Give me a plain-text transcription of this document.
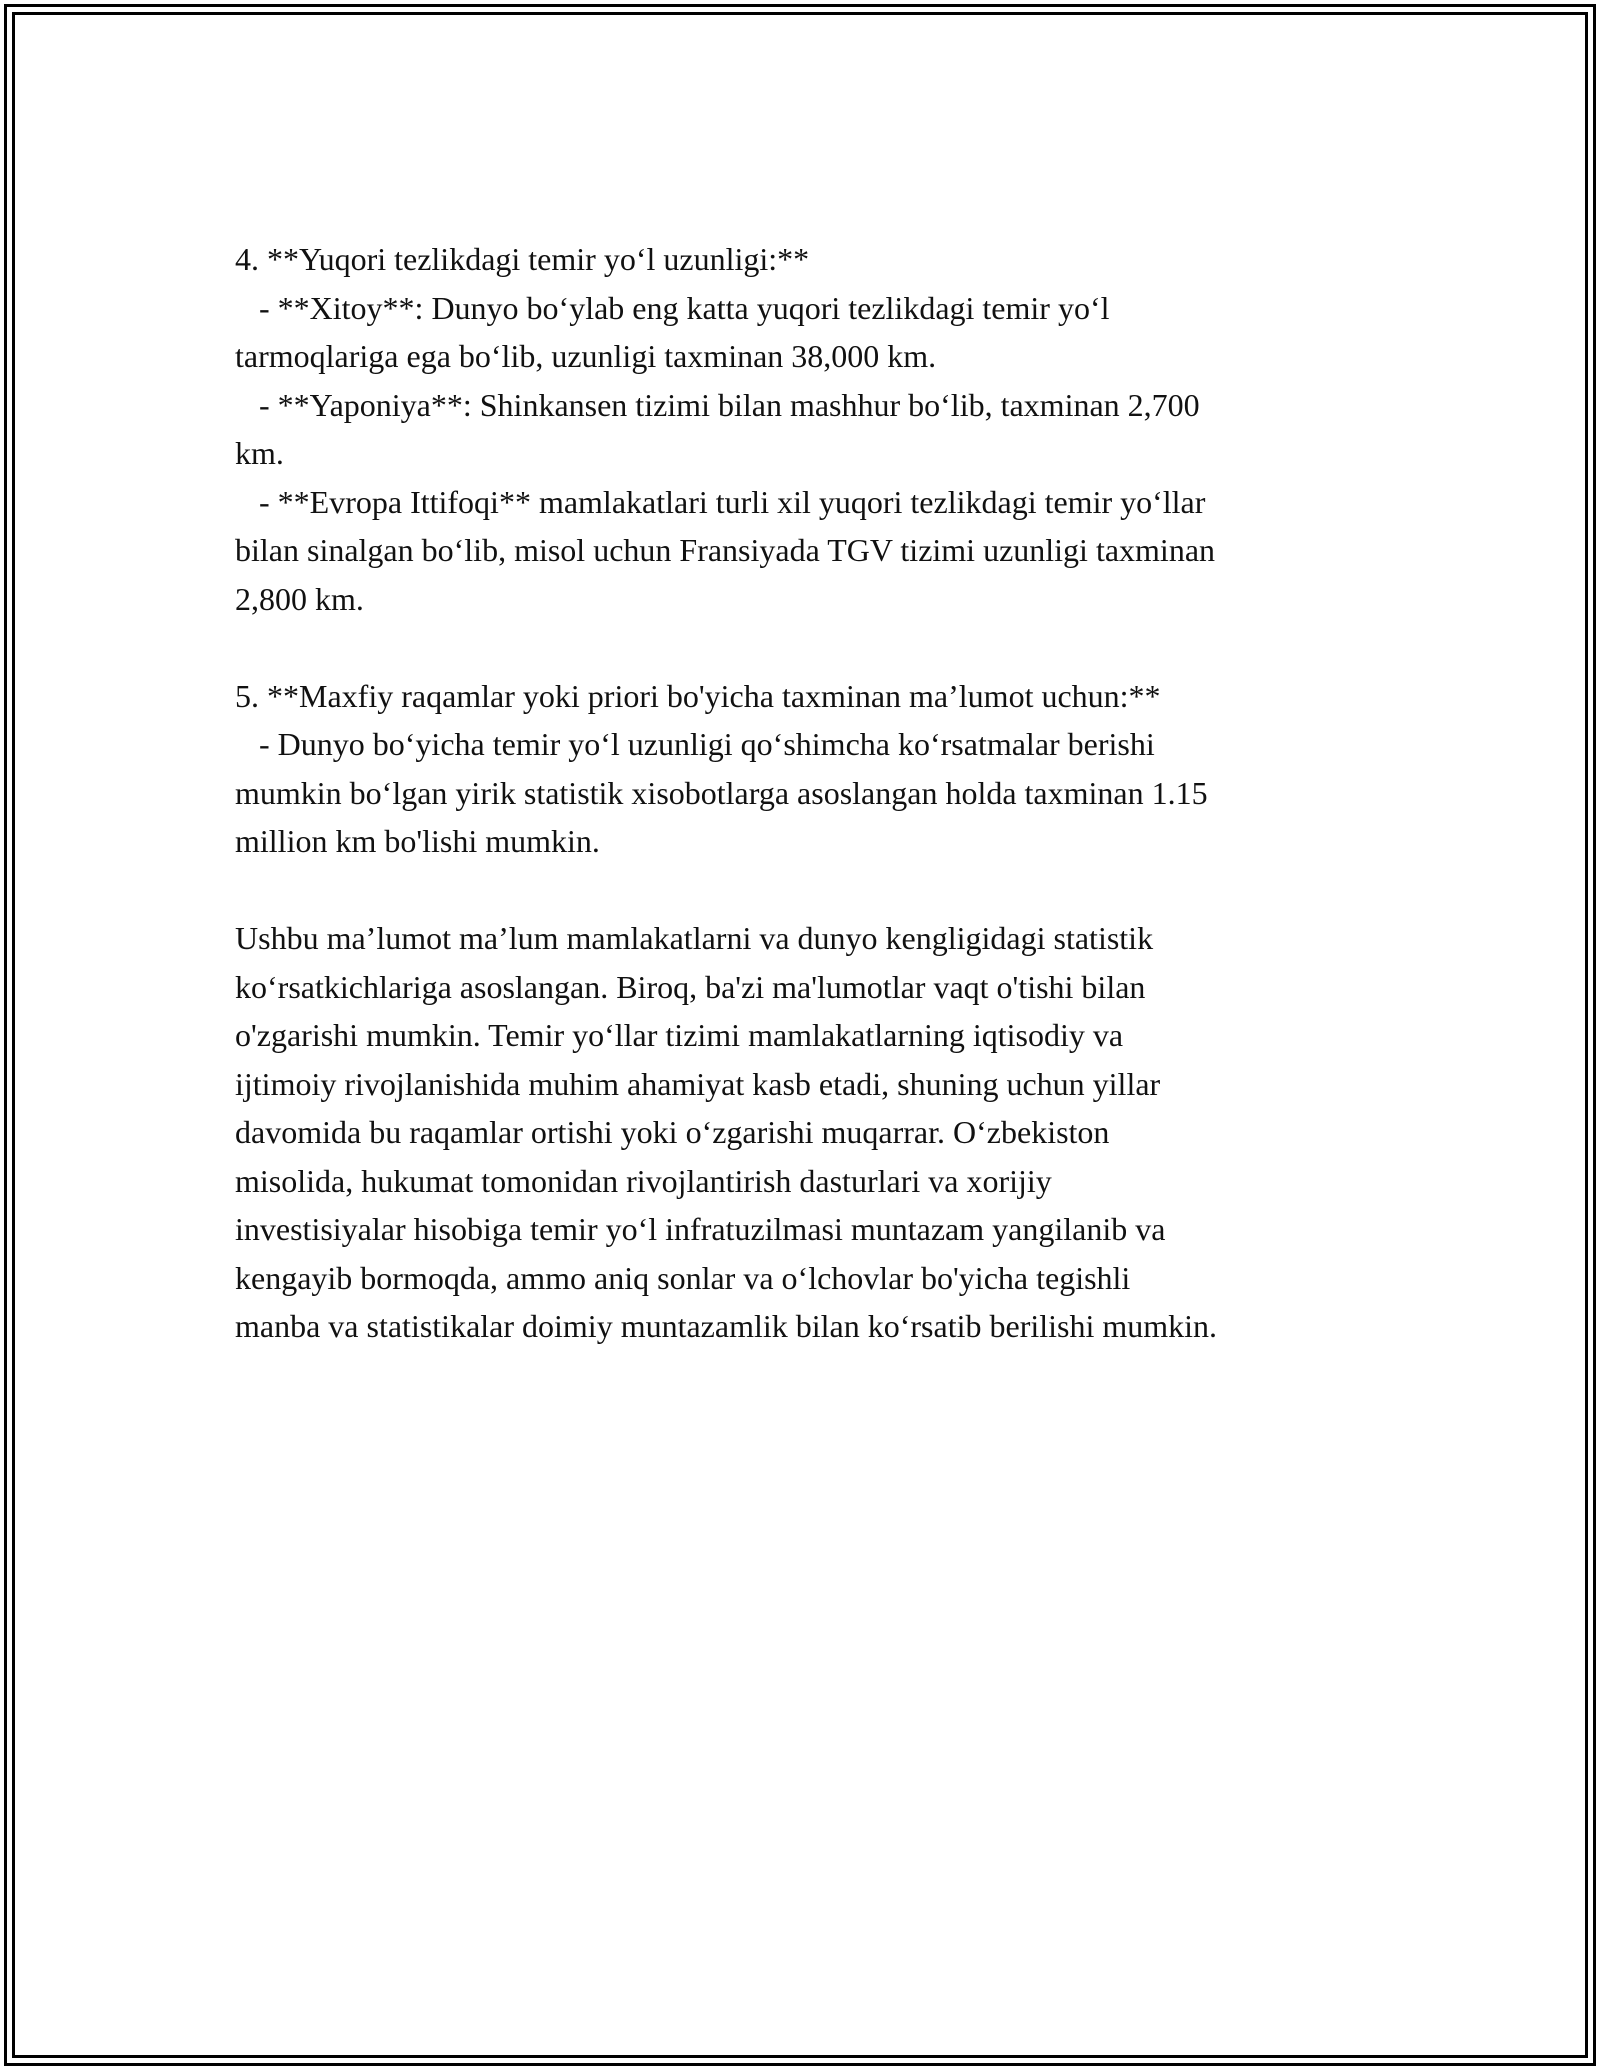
4. **Yuqori tezlikdagi temir yo‘l uzunligi:**
- **Xitoy**: Dunyo bo‘ylab eng katta yuqori tezlikdagi temir yo‘l
tarmoqlariga ega bo‘lib, uzunligi taxminan 38,000 km.
- **Yaponiya**: Shinkansen tizimi bilan mashhur bo‘lib, taxminan 2,700
km.
- **Evropa Ittifoqi** mamlakatlari turli xil yuqori tezlikdagi temir yo‘llar
bilan sinalgan bo‘lib, misol uchun Fransiyada TGV tizimi uzunligi taxminan
2,800 km.
5. **Maxfiy raqamlar yoki priori bo'yicha taxminan ma’lumot uchun:**
- Dunyo bo‘yicha temir yo‘l uzunligi qo‘shimcha ko‘rsatmalar berishi
mumkin bo‘lgan yirik statistik xisobotlarga asoslangan holda taxminan 1.15
million km bo'lishi mumkin.
Ushbu ma’lumot ma’lum mamlakatlarni va dunyo kengligidagi statistik
ko‘rsatkichlariga asoslangan. Biroq, ba'zi ma'lumotlar vaqt o'tishi bilan
o'zgarishi mumkin. Temir yo‘llar tizimi mamlakatlarning iqtisodiy va
ijtimoiy rivojlanishida muhim ahamiyat kasb etadi, shuning uchun yillar
davomida bu raqamlar ortishi yoki o‘zgarishi muqarrar. O‘zbekiston
misolida, hukumat tomonidan rivojlantirish dasturlari va xorijiy
investisiyalar hisobiga temir yo‘l infratuzilmasi muntazam yangilanib va
kengayib bormoqda, ammo aniq sonlar va o‘lchovlar bo'yicha tegishli
manba va statistikalar doimiy muntazamlik bilan ko‘rsatib berilishi mumkin.
